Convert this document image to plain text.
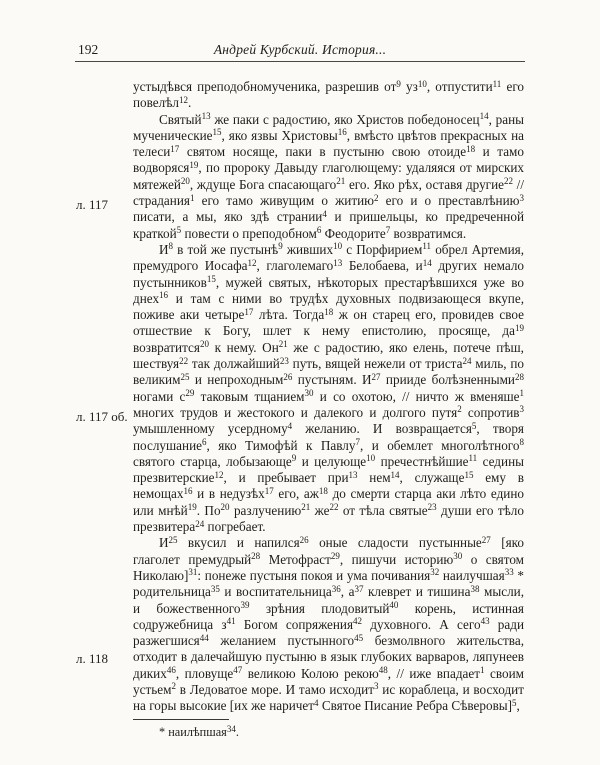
192	Андрей Курбский. История...
л. 117
л. 117 об.
л. 118

устыдѣвся преподобномученика, разрешив $от^9$ $уз^{10}$, отпустити$^{11}$ его повелѣл$^{12}$.

Святый$^{13}$ же паки с радостию, яко Христов победоносец$^{14}$, раны мученические$^{15}$, яко язвы Христовы$^{16}$, вмѣсто цвѣтов прекрасных на телеси$^{17}$ святом носяще, паки в пустыню свою отоиде$^{18}$ и тамо водворяся$^{19}$, по пророку Давыду глаголющему: удаляяся от мирских мятежей$^{20}$, ждуще Бога спасающаго$^{21}$ его. Яко рѣх, оставя другие$^{22}$ // страдания$^1$ его тамо живущим о житию$^2$ его и о преставлѣнию$^3$ писати, а мы, яко здѣ странии$^4$ и пришельцы, ко предреченной краткой$^5$ повести о преподобном$^6$ Феодорите$^7$ возвратимся.

$И^8$ в той же пустынѣ$^9$ живших$^{10}$ с Порфирием$^{11}$ обрел Артемия, премудрого Иосафа$^{12}$, глаголемаго$^{13}$ Белобаева, $и^{14}$ других немало пустынников$^{15}$, мужей святых, нѣкоторых престарѣвшихся уже во днех$^{16}$ и там с ними во трудѣх духовных подвизающеся вкупе, поживе аки четыре$^{17}$ лѣта. Тогда$^{18}$ ж он старец его, провидев свое отшествие к Богу, шлет к нему епистолию, просяще, $да^{19}$ возвратится$^{20}$ к нему. $Он^{21}$ же с радостию, яко елень, потече пѣш, шествуя$^{22}$ так должайший$^{23}$ путь, вящей нежели от триста$^{24}$ миль, по великим$^{25}$ и непроходным$^{26}$ пустыням. $И^{27}$ прииде болѣзненными$^{28}$ ногами $с^{29}$ таковым тщанием$^{30}$ и со охотою, // ничто ж вменяше$^1$ многих трудов и жестокого и далекого и долгого путя$^2$ сопротив$^3$ умышленному усердному$^4$ желанию. И возвращается$^5$, творя послушание$^6$, яко Тимофѣй к Павлу$^7$, и обемлет многолѣтного$^8$ святого старца, лобызающе$^9$ и целующе$^{10}$ пречестнѣйшие$^{11}$ седины презвитерские$^{12}$, и пребывает при$^{13}$ нем$^{14}$, служаще$^{15}$ ему в немощах$^{16}$ и в недузѣх$^{17}$ его, $аж^{18}$ до смерти старца аки лѣто едино или мнѣй$^{19}$. $По^{20}$ разлучению$^{21}$ $же^{22}$ от тѣла святые$^{23}$ души его тѣло презвитера$^{24}$ погребает.

$И^{25}$ вкусил и напился$^{26}$ оные сладости пустынные$^{27}$ [яко глаголет премудрый$^{28}$ Метофраст$^{29}$, пишучи историю$^{30}$ о святом Николаю]$^{31}$: понеже пустыня покоя и ума почивания$^{32}$ наилучшая$^{33}$ * родительница$^{35}$ и воспитательница$^{36}$, $а^{37}$ клеврет и тишина$^{38}$ мысли, и божественного$^{39}$ зрѣния плодовитый$^{40}$ корень, истинная содружебница $з^{41}$ Богом сопряжения$^{42}$ духовного. А сего$^{43}$ ради разжегшися$^{44}$ желанием пустынного$^{45}$ безмолвного жительства, отходит в далечайшую пустыню в язык глубоких варваров, ляпунеев диких$^{46}$, пловуще$^{47}$ великою Колою рекою$^{48}$, // иже впадает$^1$ своим устьем$^2$ в Ледоватое море. И тамо исходит$^3$ ис кораблеца, и восходит на горы высокие [их же наричет$^4$ Святое Писание Ребра Сѣверовы]$^5$,

* наилѣпшая$^{34}$.
